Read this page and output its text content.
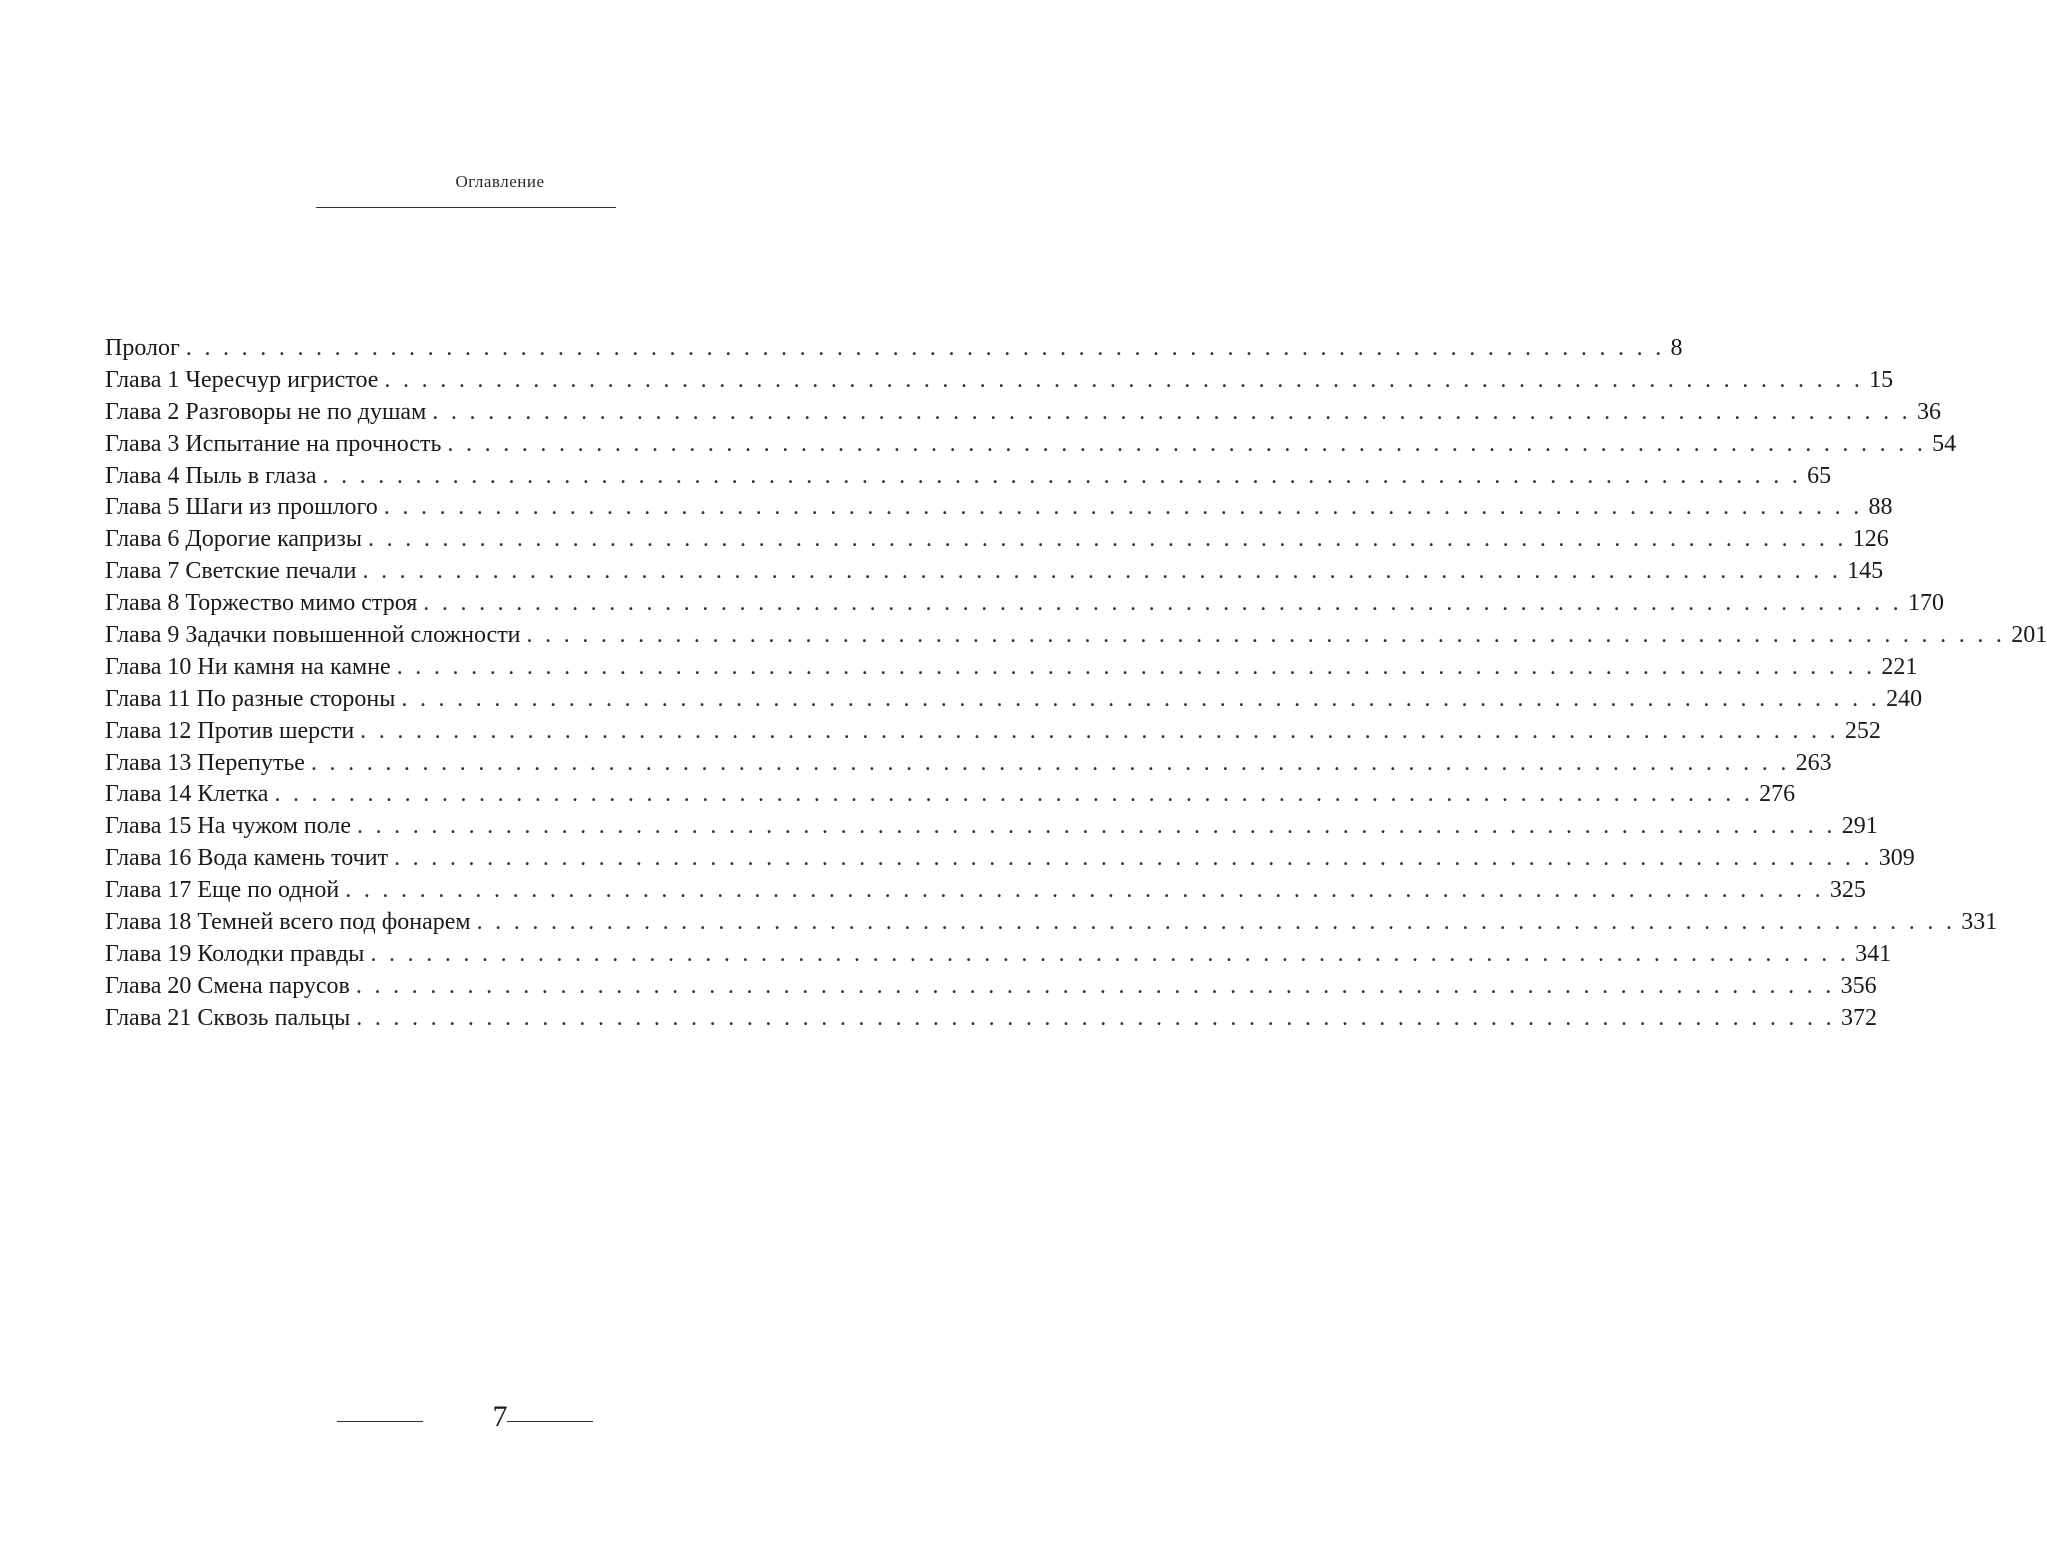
Оглавление
Пролог . . . . . . . . . . . . . . . . . . . . . . . . . . . . . . . . . . . . . . . . . . . . . . . . . . . . . . . . . . . . . . . . . . . . . . . . . . . . . . . . 8
Глава 1 Чересчур игристое . . . . . . . . . . . . . . . . . . . . . . . . . . . . . . . . . . . . . . . . . . . . . . . . . . . . . . . . . . . . . . . . . . . . . . . . . . . . . . . . 15
Глава 2 Разговоры не по душам . . . . . . . . . . . . . . . . . . . . . . . . . . . . . . . . . . . . . . . . . . . . . . . . . . . . . . . . . . . . . . . . . . . . . . . . . . . . . . . . 36
Глава 3 Испытание на прочность . . . . . . . . . . . . . . . . . . . . . . . . . . . . . . . . . . . . . . . . . . . . . . . . . . . . . . . . . . . . . . . . . . . . . . . . . . . . . . . . 54
Глава 4 Пыль в глаза . . . . . . . . . . . . . . . . . . . . . . . . . . . . . . . . . . . . . . . . . . . . . . . . . . . . . . . . . . . . . . . . . . . . . . . . . . . . . . . . 65
Глава 5 Шаги из прошлого . . . . . . . . . . . . . . . . . . . . . . . . . . . . . . . . . . . . . . . . . . . . . . . . . . . . . . . . . . . . . . . . . . . . . . . . . . . . . . . . 88
Глава 6 Дорогие капризы . . . . . . . . . . . . . . . . . . . . . . . . . . . . . . . . . . . . . . . . . . . . . . . . . . . . . . . . . . . . . . . . . . . . . . . . . . . . . . . . 126
Глава 7 Светские печали . . . . . . . . . . . . . . . . . . . . . . . . . . . . . . . . . . . . . . . . . . . . . . . . . . . . . . . . . . . . . . . . . . . . . . . . . . . . . . . . 145
Глава 8 Торжество мимо строя . . . . . . . . . . . . . . . . . . . . . . . . . . . . . . . . . . . . . . . . . . . . . . . . . . . . . . . . . . . . . . . . . . . . . . . . . . . . . . . . 170
Глава 9 Задачки повышенной сложности . . . . . . . . . . . . . . . . . . . . . . . . . . . . . . . . . . . . . . . . . . . . . . . . . . . . . . . . . . . . . . . . . . . . . . . . . . . . . . . . 201
Глава 10 Ни камня на камне . . . . . . . . . . . . . . . . . . . . . . . . . . . . . . . . . . . . . . . . . . . . . . . . . . . . . . . . . . . . . . . . . . . . . . . . . . . . . . . . 221
Глава 11 По разные стороны . . . . . . . . . . . . . . . . . . . . . . . . . . . . . . . . . . . . . . . . . . . . . . . . . . . . . . . . . . . . . . . . . . . . . . . . . . . . . . . . 240
Глава 12 Против шерсти . . . . . . . . . . . . . . . . . . . . . . . . . . . . . . . . . . . . . . . . . . . . . . . . . . . . . . . . . . . . . . . . . . . . . . . . . . . . . . . . 252
Глава 13 Перепутье . . . . . . . . . . . . . . . . . . . . . . . . . . . . . . . . . . . . . . . . . . . . . . . . . . . . . . . . . . . . . . . . . . . . . . . . . . . . . . . . 263
Глава 14 Клетка . . . . . . . . . . . . . . . . . . . . . . . . . . . . . . . . . . . . . . . . . . . . . . . . . . . . . . . . . . . . . . . . . . . . . . . . . . . . . . . . 276
Глава 15 На чужом поле . . . . . . . . . . . . . . . . . . . . . . . . . . . . . . . . . . . . . . . . . . . . . . . . . . . . . . . . . . . . . . . . . . . . . . . . . . . . . . . . 291
Глава 16 Вода камень точит . . . . . . . . . . . . . . . . . . . . . . . . . . . . . . . . . . . . . . . . . . . . . . . . . . . . . . . . . . . . . . . . . . . . . . . . . . . . . . . . 309
Глава 17 Еще по одной . . . . . . . . . . . . . . . . . . . . . . . . . . . . . . . . . . . . . . . . . . . . . . . . . . . . . . . . . . . . . . . . . . . . . . . . . . . . . . . . 325
Глава 18 Темней всего под фонарем . . . . . . . . . . . . . . . . . . . . . . . . . . . . . . . . . . . . . . . . . . . . . . . . . . . . . . . . . . . . . . . . . . . . . . . . . . . . . . . . 331
Глава 19 Колодки правды . . . . . . . . . . . . . . . . . . . . . . . . . . . . . . . . . . . . . . . . . . . . . . . . . . . . . . . . . . . . . . . . . . . . . . . . . . . . . . . . 341
Глава 20 Смена парусов . . . . . . . . . . . . . . . . . . . . . . . . . . . . . . . . . . . . . . . . . . . . . . . . . . . . . . . . . . . . . . . . . . . . . . . . . . . . . . . . 356
Глава 21 Сквозь пальцы . . . . . . . . . . . . . . . . . . . . . . . . . . . . . . . . . . . . . . . . . . . . . . . . . . . . . . . . . . . . . . . . . . . . . . . . . . . . . . . . 372
7
